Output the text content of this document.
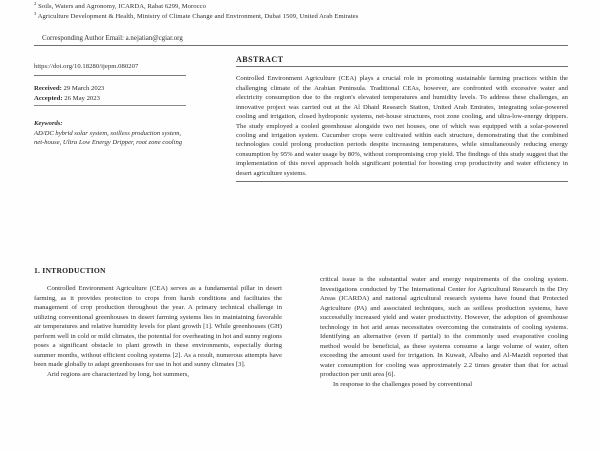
$^2$ Soils, Waters and Agronomy, ICARDA, Rabat 6299, Morocco
$^3$ Agriculture Development & Health, Ministry of Climate Change and Environment, Dubai 1509, United Arab Emirates
Corresponding Author Email: a.nejatian@cgiar.org
https://doi.org/10.18280/ijepm.080207
Received: 29 March 2023
Accepted: 26 May 2023
Keywords:
AD/DC hybrid solar system, soilless production system, net-house, Ultra Low Energy Dripper, root zone cooling
ABSTRACT
Controlled Environment Agriculture (CEA) plays a crucial role in promoting sustainable farming practices within the challenging climate of the Arabian Peninsula. Traditional CEAs, however, are confronted with excessive water and electricity consumption due to the region's elevated temperatures and humidity levels. To address these challenges, an innovative project was carried out at the Al Dhaid Research Station, United Arab Emirates, integrating solar-powered cooling and irrigation, closed hydroponic systems, net-house structures, root zone cooling, and ultra-low-energy drippers. The study employed a cooled greenhouse alongside two net houses, one of which was equipped with a solar-powered cooling and irrigation system. Cucumber crops were cultivated within each structure, demonstrating that the combined technologies could prolong production periods despite increasing temperatures, while simultaneously reducing energy consumption by 95% and water usage by 80%, without compromising crop yield. The findings of this study suggest that the implementation of this novel approach holds significant potential for boosting crop productivity and water efficiency in desert agriculture systems.
1. INTRODUCTION

Controlled Environment Agriculture (CEA) serves as a fundamental pillar in desert farming, as it provides protection to crops from harsh conditions and facilitates the management of crop production throughout the year. A primary technical challenge in utilizing conventional greenhouses in desert farming systems lies in maintaining favorable air temperatures and relative humidity levels for plant growth [1]. While greenhouses (GH) perform well in cold or mild climates, the potential for overheating in hot and sunny regions poses a significant obstacle to plant growth in these environments, especially during summer months, without efficient cooling systems [2]. As a result, numerous attempts have been made globally to adapt greenhouses for use in hot and sunny climates [3].

Arid regions are characterized by long, hot summers,

critical issue is the substantial water and energy requirements of the cooling system. Investigations conducted by The International Center for Agricultural Research in the Dry Areas (ICARDA) and national agricultural research systems have found that Protected Agriculture (PA) and associated techniques, such as soilless production systems, have successfully increased yield and water productivity. However, the adoption of greenhouse technology in hot arid areas necessitates overcoming the constraints of cooling systems. Identifying an alternative (even if partial) to the commonly used evaporative cooling method would be beneficial, as these systems consume a large volume of water, often exceeding the amount used for irrigation. In Kuwait, Albaho and Al-Mazidi reported that water consumption for cooling was approximately 2.2 times greater than that for actual production per unit area [6].

In response to the challenges posed by conventional
